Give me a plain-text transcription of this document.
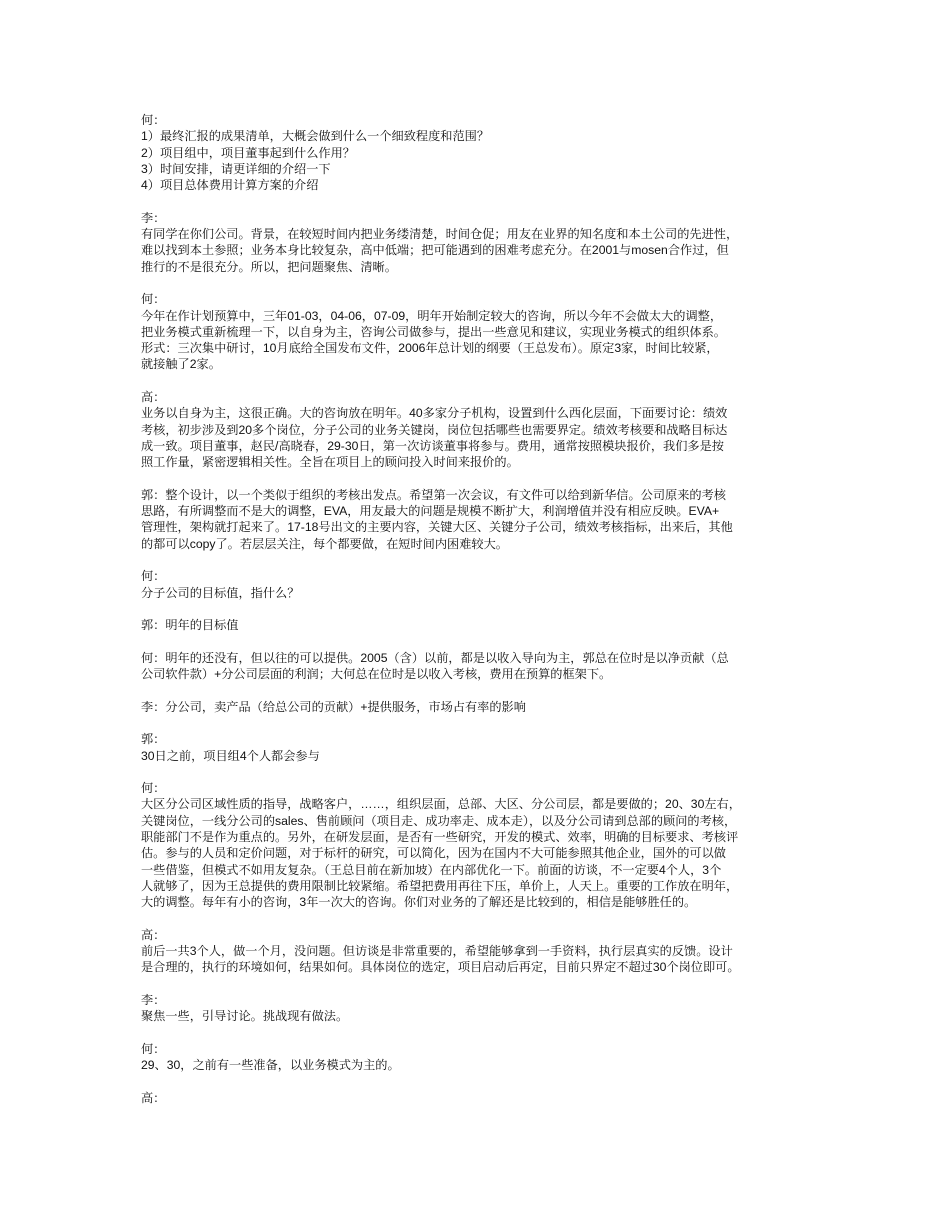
何：
1）最终汇报的成果清单，大概会做到什么一个细致程度和范围？
2）项目组中，项目董事起到什么作用？
3）时间安排，请更详细的介绍一下
4）项目总体费用计算方案的介绍
李：
有同学在你们公司。背景，在较短时间内把业务缕清楚，时间仓促；用友在业界的知名度和本土公司的先进性，
难以找到本土参照；业务本身比较复杂，高中低端；把可能遇到的困难考虑充分。在2001与mosen合作过，但
推行的不是很充分。所以，把问题聚焦、清晰。
何：
今年在作计划预算中，三年01-03，04-06，07-09，明年开始制定较大的咨询，所以今年不会做太大的调整，
把业务模式重新梳理一下，以自身为主，咨询公司做参与，提出一些意见和建议，实现业务模式的组织体系。
形式：三次集中研讨，10月底给全国发布文件，2006年总计划的纲要（王总发布）。原定3家，时间比较紧，
就接触了2家。
高：
业务以自身为主，这很正确。大的咨询放在明年。40多家分子机构，设置到什么西化层面，下面要讨论：绩效
考核，初步涉及到20多个岗位，分子公司的业务关键岗，岗位包括哪些也需要界定。绩效考核要和战略目标达
成一致。项目董事，赵民/高晓春，29-30日，第一次访谈董事将参与。费用，通常按照模块报价，我们多是按
照工作量，紧密逻辑相关性。全旨在项目上的顾问投入时间来报价的。
郭：整个设计，以一个类似于组织的考核出发点。希望第一次会议，有文件可以给到新华信。公司原来的考核
思路，有所调整而不是大的调整，EVA，用友最大的问题是规模不断扩大，利润增值并没有相应反映。EVA+
管理性，架构就打起来了。17-18号出文的主要内容，关键大区、关键分子公司，绩效考核指标，出来后，其他
的都可以copy了。若层层关注，每个都要做，在短时间内困难较大。
何：
分子公司的目标值，指什么？
郭：明年的目标值
何：明年的还没有，但以往的可以提供。2005（含）以前，都是以收入导向为主，郭总在位时是以净贡献（总
公司软件款）+分公司层面的利润；大何总在位时是以收入考核，费用在预算的框架下。
李：分公司，卖产品（给总公司的贡献）+提供服务，市场占有率的影响
郭：
30日之前，项目组4个人都会参与
何：
大区分公司区域性质的指导，战略客户，……，组织层面，总部、大区、分公司层，都是要做的；20、30左右，
关键岗位，一线分公司的sales、售前顾问（项目走、成功率走、成本走），以及分公司请到总部的顾问的考核，
职能部门不是作为重点的。另外，在研发层面，是否有一些研究，开发的模式、效率，明确的目标要求、考核评
估。参与的人员和定价问题，对于标杆的研究，可以简化，因为在国内不大可能参照其他企业，国外的可以做
一些借鉴，但模式不如用友复杂。（王总目前在新加坡）在内部优化一下。前面的访谈，不一定要4个人，3个
人就够了，因为王总提供的费用限制比较紧缩。希望把费用再往下压，单价上，人天上。重要的工作放在明年，
大的调整。每年有小的咨询，3年一次大的咨询。你们对业务的了解还是比较到的，相信是能够胜任的。
高：
前后一共3个人，做一个月，没问题。但访谈是非常重要的，希望能够拿到一手资料，执行层真实的反馈。设计
是合理的，执行的环境如何，结果如何。具体岗位的选定，项目启动后再定，目前只界定不超过30个岗位即可。
李：
聚焦一些，引导讨论。挑战现有做法。
何：
29、30，之前有一些准备，以业务模式为主的。
高：
